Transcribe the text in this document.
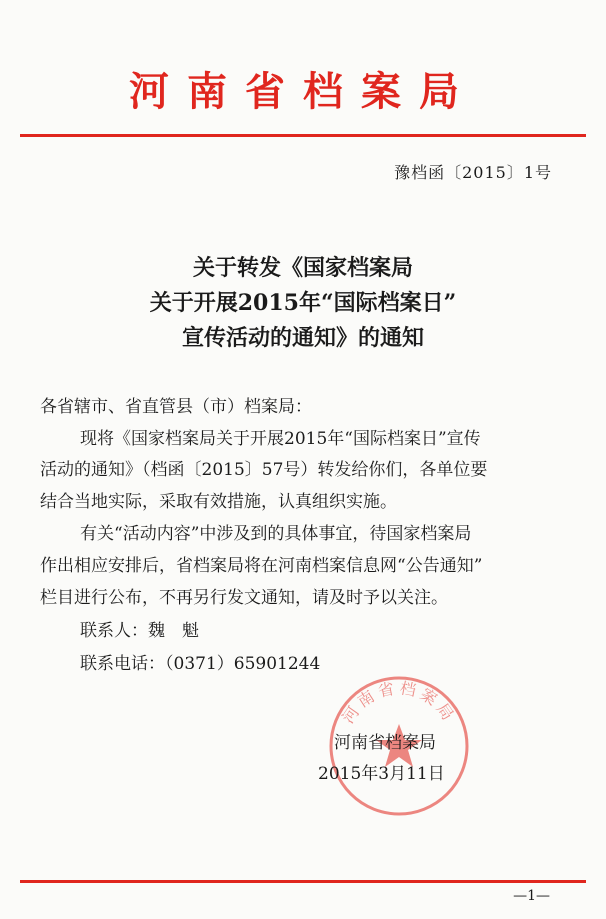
河南省档案局
豫档函〔2015〕1号
关于转发《国家档案局
关于开展2015年“国际档案日”
宣传活动的通知》的通知
各省辖市、省直管县（市）档案局：
现将《国家档案局关于开展2015年“国际档案日”宣传
活动的通知》（档函〔2015〕57号）转发给你们，各单位要
结合当地实际，采取有效措施，认真组织实施。
有关“活动内容”中涉及到的具体事宜，待国家档案局
作出相应安排后，省档案局将在河南档案信息网“公告通知”
栏目进行公布，不再另行发文通知，请及时予以关注。
联系人：魏　魁
联系电话：（0371）65901244
河南省档案局
河南省档案局
2015年3月11日
—1—
